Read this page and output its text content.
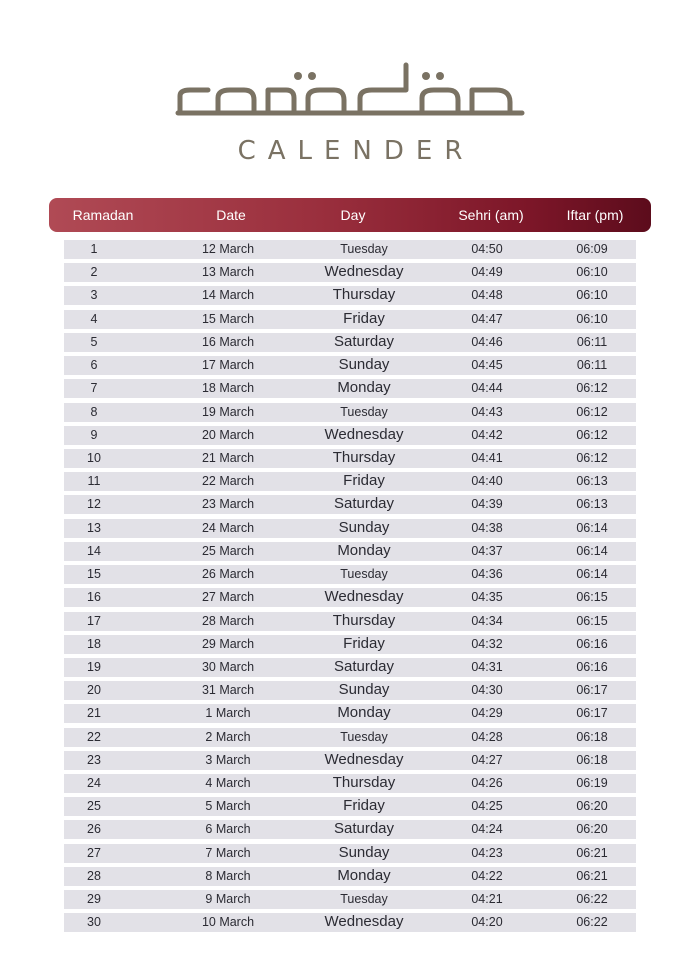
CALENDER
Ramadan	Date	Day	Sehri (am)	Iftar (pm)
1	12 March	Tuesday	04:50	06:09
2	13 March	Wednesday	04:49	06:10
3	14 March	Thursday	04:48	06:10
4	15 March	Friday	04:47	06:10
5	16 March	Saturday	04:46	06:11
6	17 March	Sunday	04:45	06:11
7	18 March	Monday	04:44	06:12
8	19 March	Tuesday	04:43	06:12
9	20 March	Wednesday	04:42	06:12
10	21 March	Thursday	04:41	06:12
11	22 March	Friday	04:40	06:13
12	23 March	Saturday	04:39	06:13
13	24 March	Sunday	04:38	06:14
14	25 March	Monday	04:37	06:14
15	26 March	Tuesday	04:36	06:14
16	27 March	Wednesday	04:35	06:15
17	28 March	Thursday	04:34	06:15
18	29 March	Friday	04:32	06:16
19	30 March	Saturday	04:31	06:16
20	31 March	Sunday	04:30	06:17
21	1 March	Monday	04:29	06:17
22	2 March	Tuesday	04:28	06:18
23	3 March	Wednesday	04:27	06:18
24	4 March	Thursday	04:26	06:19
25	5 March	Friday	04:25	06:20
26	6 March	Saturday	04:24	06:20
27	7 March	Sunday	04:23	06:21
28	8 March	Monday	04:22	06:21
29	9 March	Tuesday	04:21	06:22
30	10 March	Wednesday	04:20	06:22
